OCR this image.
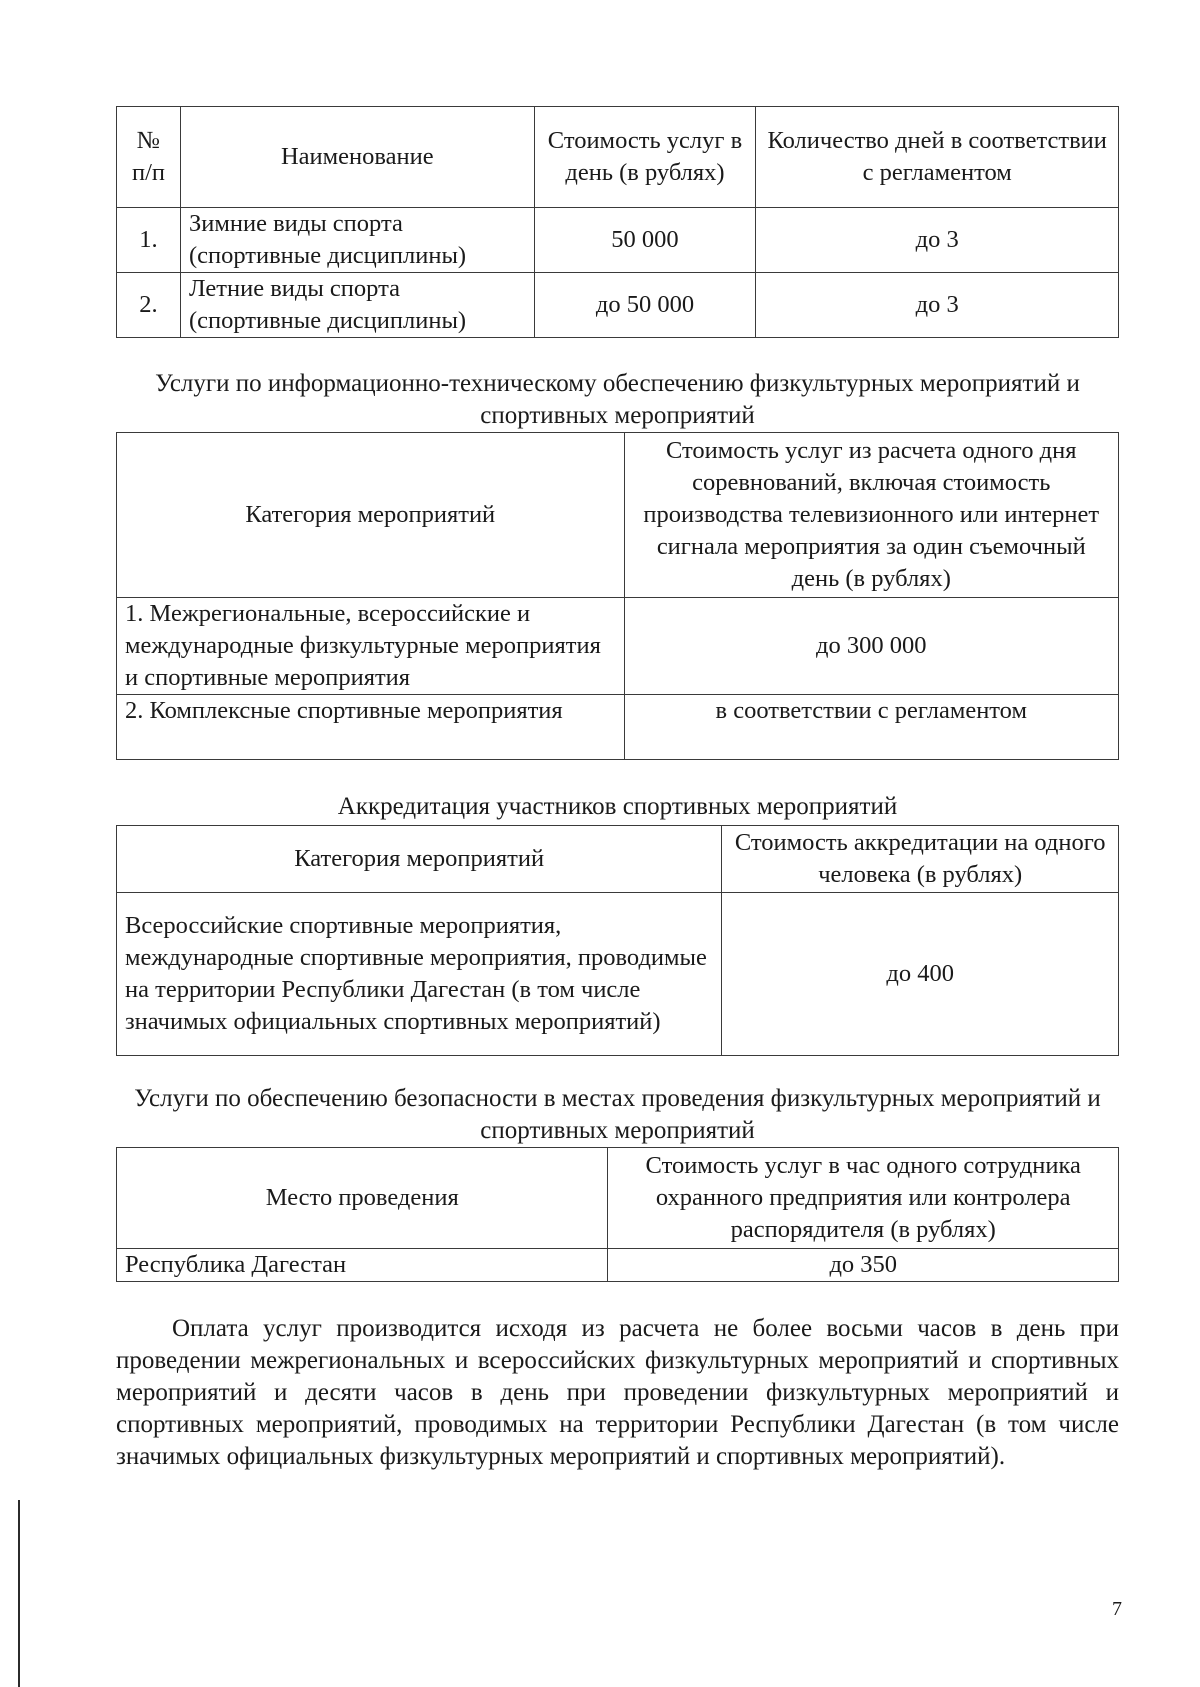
№ п/п	Наименование	Стоимость услуг в день (в рублях)	Количество дней в соответствии с регламентом
1.	Зимние виды спорта (спортивные дисциплины)	50 000	до 3
2.	Летние виды спорта (спортивные дисциплины)	до 50 000	до 3
Услуги по информационно-техническому обеспечению физкультурных мероприятий и спортивных мероприятий
Категория мероприятий	Стоимость услуг из расчета одного дня соревнований, включая стоимость производства телевизионного или интернет сигнала мероприятия за один съемочный день (в рублях)
1. Межрегиональные, всероссийские и международные физкультурные мероприятия и спортивные мероприятия	до 300 000
2. Комплексные спортивные мероприятия	в соответствии с регламентом
Аккредитация участников спортивных мероприятий
Категория мероприятий	Стоимость аккредитации на одного человека (в рублях)
Всероссийские спортивные мероприятия, международные спортивные мероприятия, проводимые на территории Республики Дагестан (в том числе значимых официальных спортивных мероприятий)	до 400
Услуги по обеспечению безопасности в местах проведения физкультурных мероприятий и спортивных мероприятий
Место проведения	Стоимость услуг в час одного сотрудника охранного предприятия или контролера распорядителя (в рублях)
Республика Дагестан	до 350

Оплата услуг производится исходя из расчета не более восьми часов в день при проведении межрегиональных и всероссийских физкультурных мероприятий и спортивных мероприятий и десяти часов в день при проведении физкультурных мероприятий и спортивных мероприятий, проводимых на территории Республики Дагестан (в том числе значимых официальных физкультурных мероприятий и спортивных мероприятий).

7
